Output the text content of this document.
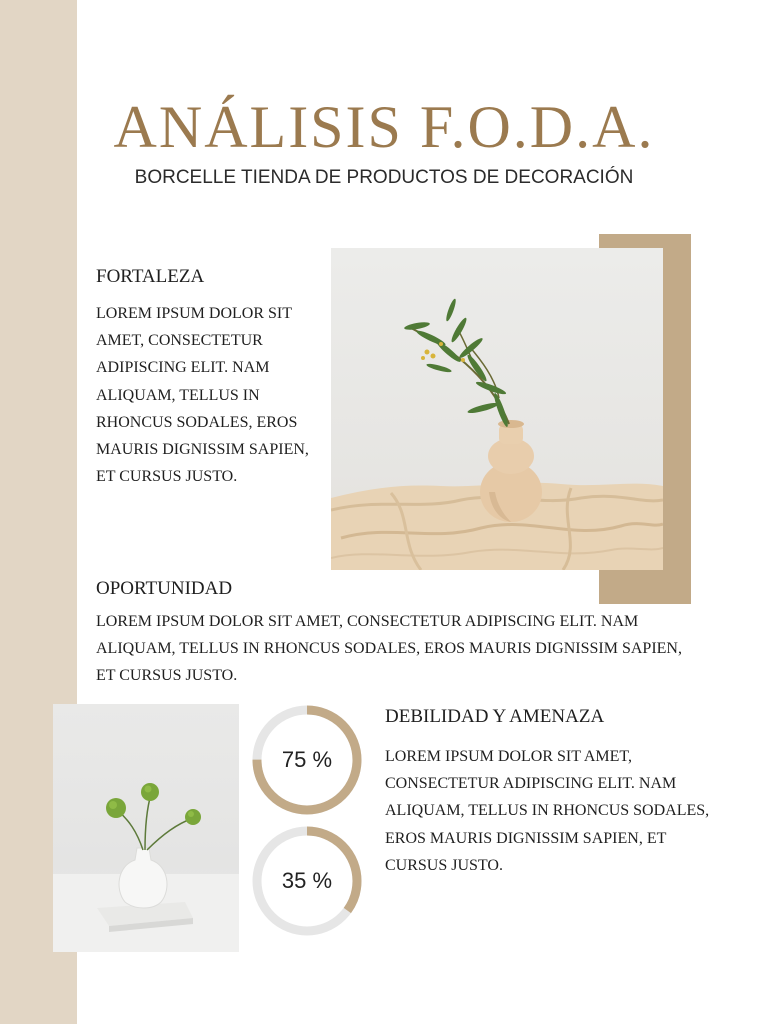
ANÁLISIS F.O.D.A.

BORCELLE TIENDA DE PRODUCTOS DE DECORACIÓN

FORTALEZA

LOREM IPSUM DOLOR SIT AMET, CONSECTETUR ADIPISCING ELIT. NAM ALIQUAM, TELLUS IN RHONCUS SODALES, EROS MAURIS DIGNISSIM SAPIEN, ET CURSUS JUSTO.

OPORTUNIDAD

LOREM IPSUM DOLOR SIT AMET, CONSECTETUR ADIPISCING ELIT. NAM ALIQUAM, TELLUS IN RHONCUS SODALES, EROS MAURIS DIGNISSIM SAPIEN, ET CURSUS JUSTO.

75 %
35 %
DEBILIDAD Y AMENAZA

LOREM IPSUM DOLOR SIT AMET, CONSECTETUR ADIPISCING ELIT. NAM ALIQUAM, TELLUS IN RHONCUS SODALES, EROS MAURIS DIGNISSIM SAPIEN, ET CURSUS JUSTO.
